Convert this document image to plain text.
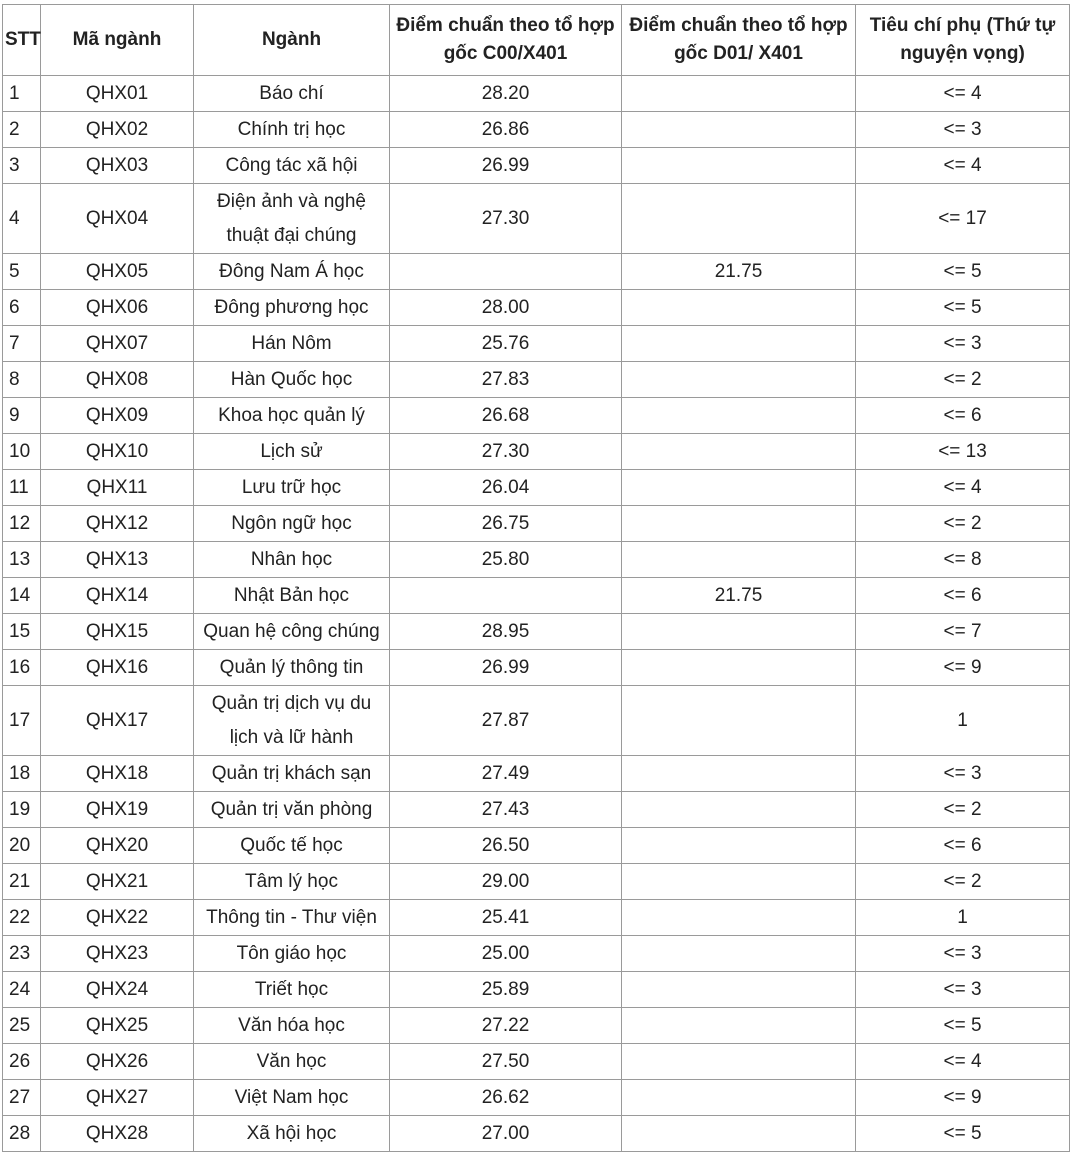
STT	Mã ngành	Ngành	Điểm chuẩn theo tổ hợp gốc C00/X401	Điểm chuẩn theo tổ hợp gốc D01/ X401	Tiêu chí phụ (Thứ tự nguyện vọng)
1	QHX01	Báo chí	28.20		<= 4
2	QHX02	Chính trị học	26.86		<= 3
3	QHX03	Công tác xã hội	26.99		<= 4
4	QHX04	Điện ảnh và nghệ thuật đại chúng	27.30		<= 17
5	QHX05	Đông Nam Á học		21.75	<= 5
6	QHX06	Đông phương học	28.00		<= 5
7	QHX07	Hán Nôm	25.76		<= 3
8	QHX08	Hàn Quốc học	27.83		<= 2
9	QHX09	Khoa học quản lý	26.68		<= 6
10	QHX10	Lịch sử	27.30		<= 13
11	QHX11	Lưu trữ học	26.04		<= 4
12	QHX12	Ngôn ngữ học	26.75		<= 2
13	QHX13	Nhân học	25.80		<= 8
14	QHX14	Nhật Bản học		21.75	<= 6
15	QHX15	Quan hệ công chúng	28.95		<= 7
16	QHX16	Quản lý thông tin	26.99		<= 9
17	QHX17	Quản trị dịch vụ du lịch và lữ hành	27.87		1
18	QHX18	Quản trị khách sạn	27.49		<= 3
19	QHX19	Quản trị văn phòng	27.43		<= 2
20	QHX20	Quốc tế học	26.50		<= 6
21	QHX21	Tâm lý học	29.00		<= 2
22	QHX22	Thông tin - Thư viện	25.41		1
23	QHX23	Tôn giáo học	25.00		<= 3
24	QHX24	Triết học	25.89		<= 3
25	QHX25	Văn hóa học	27.22		<= 5
26	QHX26	Văn học	27.50		<= 4
27	QHX27	Việt Nam học	26.62		<= 9
28	QHX28	Xã hội học	27.00		<= 5
